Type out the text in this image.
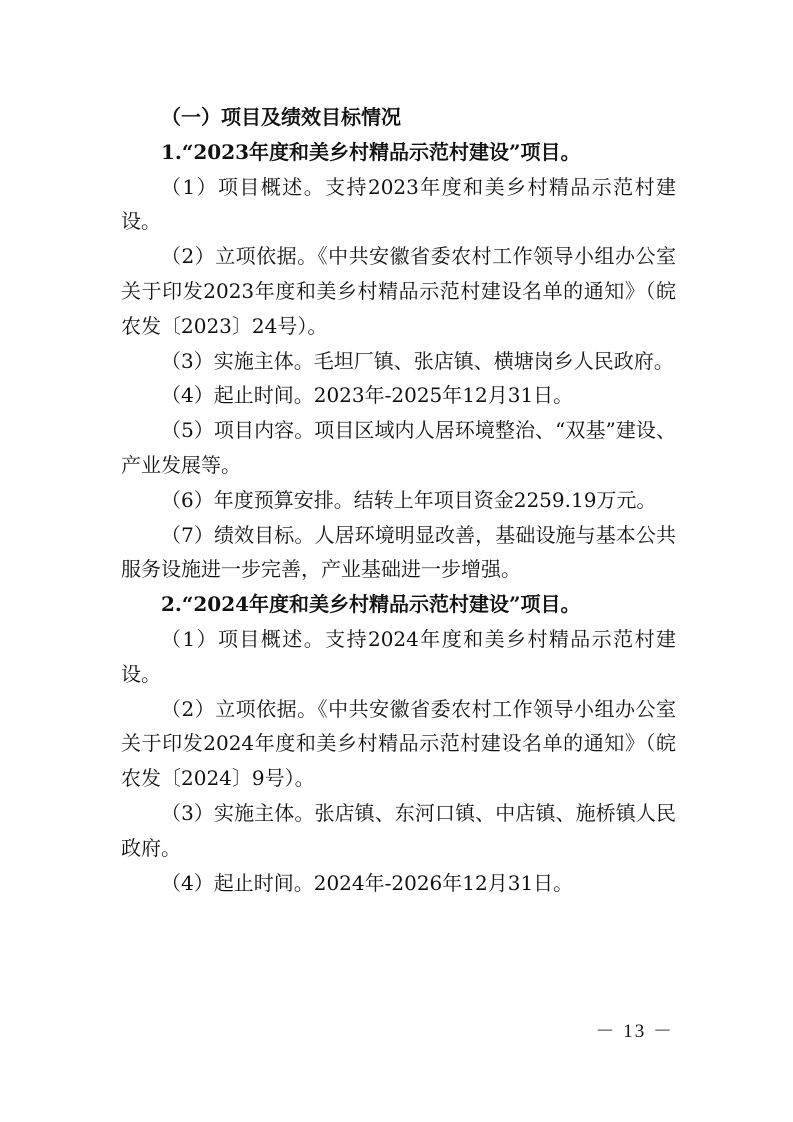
（一）项目及绩效目标情况

1.“2023年度和美乡村精品示范村建设”项目。

（1）项目概述。支持2023年度和美乡村精品示范村建设。

（2）立项依据。《中共安徽省委农村工作领导小组办公室关于印发2023年度和美乡村精品示范村建设名单的通知》（皖农发〔2023〕24号）。

（3）实施主体。毛坦厂镇、张店镇、横塘岗乡人民政府。

（4）起止时间。2023年-2025年12月31日。

（5）项目内容。项目区域内人居环境整治、“双基”建设、产业发展等。

（6）年度预算安排。结转上年项目资金2259.19万元。

（7）绩效目标。人居环境明显改善，基础设施与基本公共服务设施进一步完善，产业基础进一步增强。

2.“2024年度和美乡村精品示范村建设”项目。

（1）项目概述。支持2024年度和美乡村精品示范村建设。

（2）立项依据。《中共安徽省委农村工作领导小组办公室关于印发2024年度和美乡村精品示范村建设名单的通知》（皖农发〔2024〕9号）。

（3）实施主体。张店镇、东河口镇、中店镇、施桥镇人民政府。

（4）起止时间。2024年-2026年12月31日。

－ 13 －
